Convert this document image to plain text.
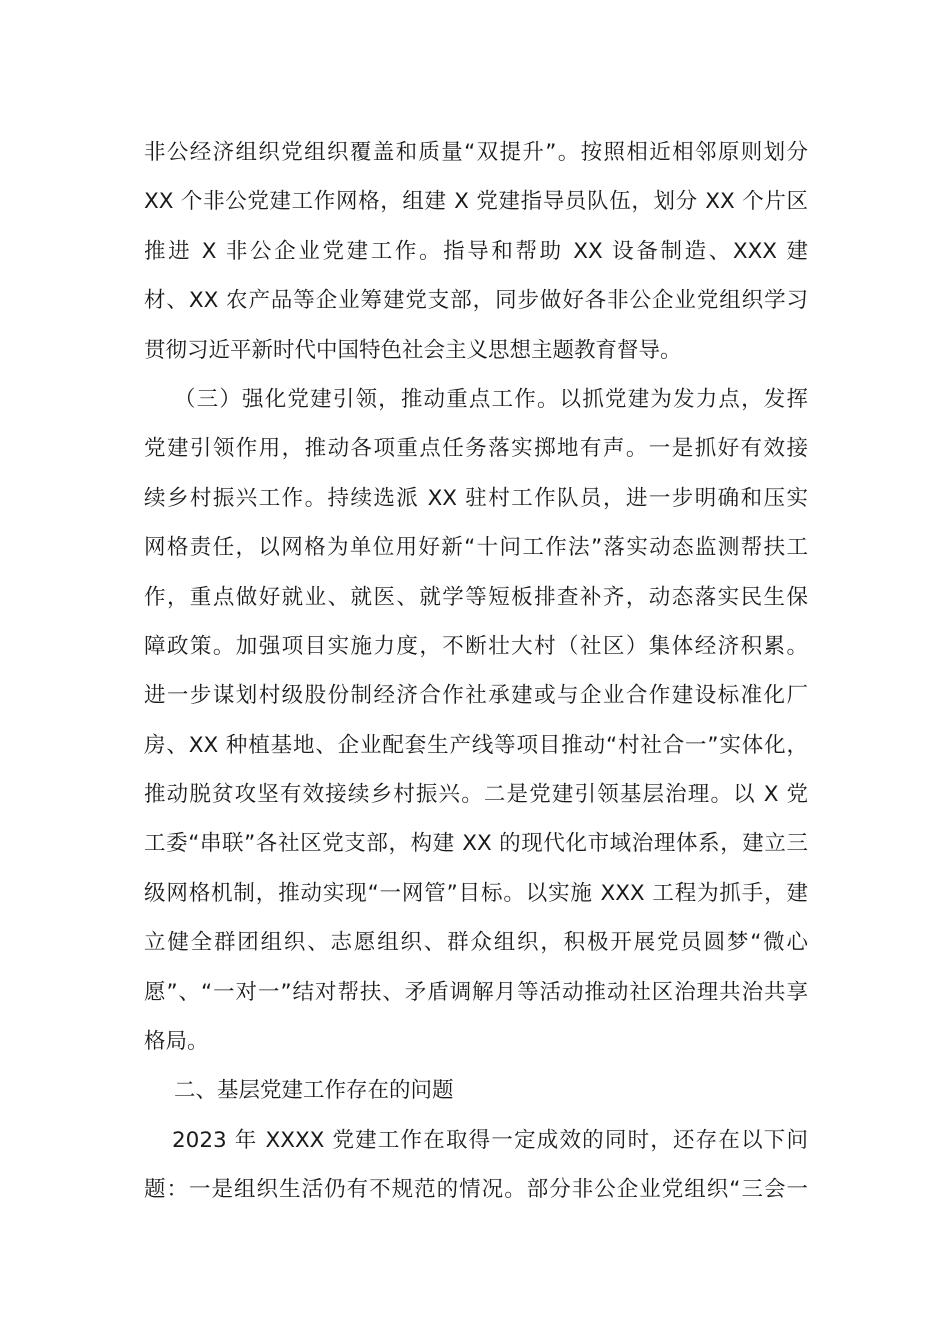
非公经济组织党组织覆盖和质量“双提升”。按照相近相邻原则划分
XX 个非公党建工作网格，组建 X 党建指导员队伍，划分 XX 个片区
推进 X 非公企业党建工作。指导和帮助 XX 设备制造、XXX 建
材、XX 农产品等企业筹建党支部，同步做好各非公企业党组织学习
贯彻习近平新时代中国特色社会主义思想主题教育督导。
（三）强化党建引领，推动重点工作。以抓党建为发力点，发挥
党建引领作用，推动各项重点任务落实掷地有声。一是抓好有效接
续乡村振兴工作。持续选派 XX 驻村工作队员，进一步明确和压实
网格责任，以网格为单位用好新“十问工作法”落实动态监测帮扶工
作，重点做好就业、就医、就学等短板排查补齐，动态落实民生保
障政策。加强项目实施力度，不断壮大村（社区）集体经济积累。
进一步谋划村级股份制经济合作社承建或与企业合作建设标准化厂
房、XX 种植基地、企业配套生产线等项目推动“村社合一”实体化，
推动脱贫攻坚有效接续乡村振兴。二是党建引领基层治理。以 X 党
工委“串联”各社区党支部，构建 XX 的现代化市域治理体系，建立三
级网格机制，推动实现“一网管”目标。以实施 XXX 工程为抓手，建
立健全群团组织、志愿组织、群众组织，积极开展党员圆梦“微心
愿”、“一对一”结对帮扶、矛盾调解月等活动推动社区治理共治共享
格局。
二、基层党建工作存在的问题
2023 年 XXXX 党建工作在取得一定成效的同时，还存在以下问
题：一是组织生活仍有不规范的情况。部分非公企业党组织“三会一
